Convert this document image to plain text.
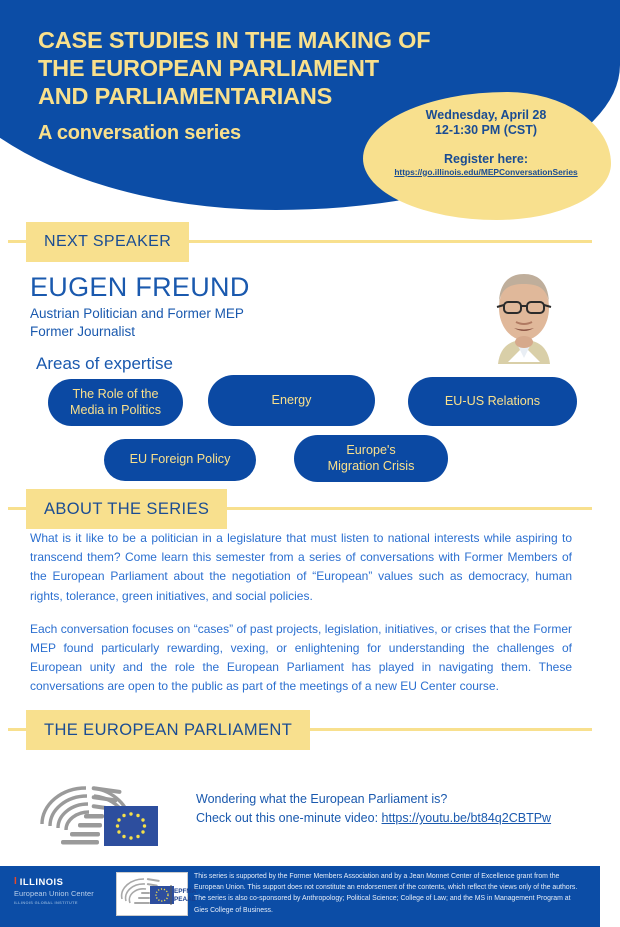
CASE STUDIES IN THE MAKING OF
THE EUROPEAN PARLIAMENT
AND PARLIAMENTARIANS
A conversation series
Wednesday, April 28
12-1:30 PM (CST)
Register here:
https://go.illinois.edu/MEPConversationSeries
NEXT SPEAKER
EUGEN FREUND
Austrian Politician and Former MEP
Former Journalist
Areas of expertise
The Role of the
Media in Politics
Energy	EU-US Relations
EU Foreign Policy
Europe's
Migration Crisis
ABOUT THE SERIES

What is it like to be a politician in a legislature that must listen to national interests while aspiring to transcend them? Come learn this semester from a series of conversations with Former Members of the European Parliament about the negotiation of “European” values such as democracy, human rights, tolerance, green initiatives, and social policies.

Each conversation focuses on “cases” of past projects, legislation, initiatives, or crises that the Former MEP found particularly rewarding, vexing, or enlightening for understanding the challenges of European unity and the role the European Parliament has played in navigating them. These conversations are open to the public as part of the meetings of a new EU Center course.

THE EUROPEAN PARLIAMENT
Wondering what the European Parliament is?
Check out this one-minute video: https://youtu.be/bt84q2CBTPw
I ILLINOIS
European Union Center
ILLINOIS GLOBAL INSTITUTE
EPFMA
PEAAD
This series is supported by the Former Members Association and by a Jean Monnet Center of Excellence grant from the European Union. This support does not constitute an endorsement of the contents, which reflect the views only of the authors. The series is also co-sponsored by Anthropology; Political Science; College of Law; and the MS in Management Program at Gies College of Business.
